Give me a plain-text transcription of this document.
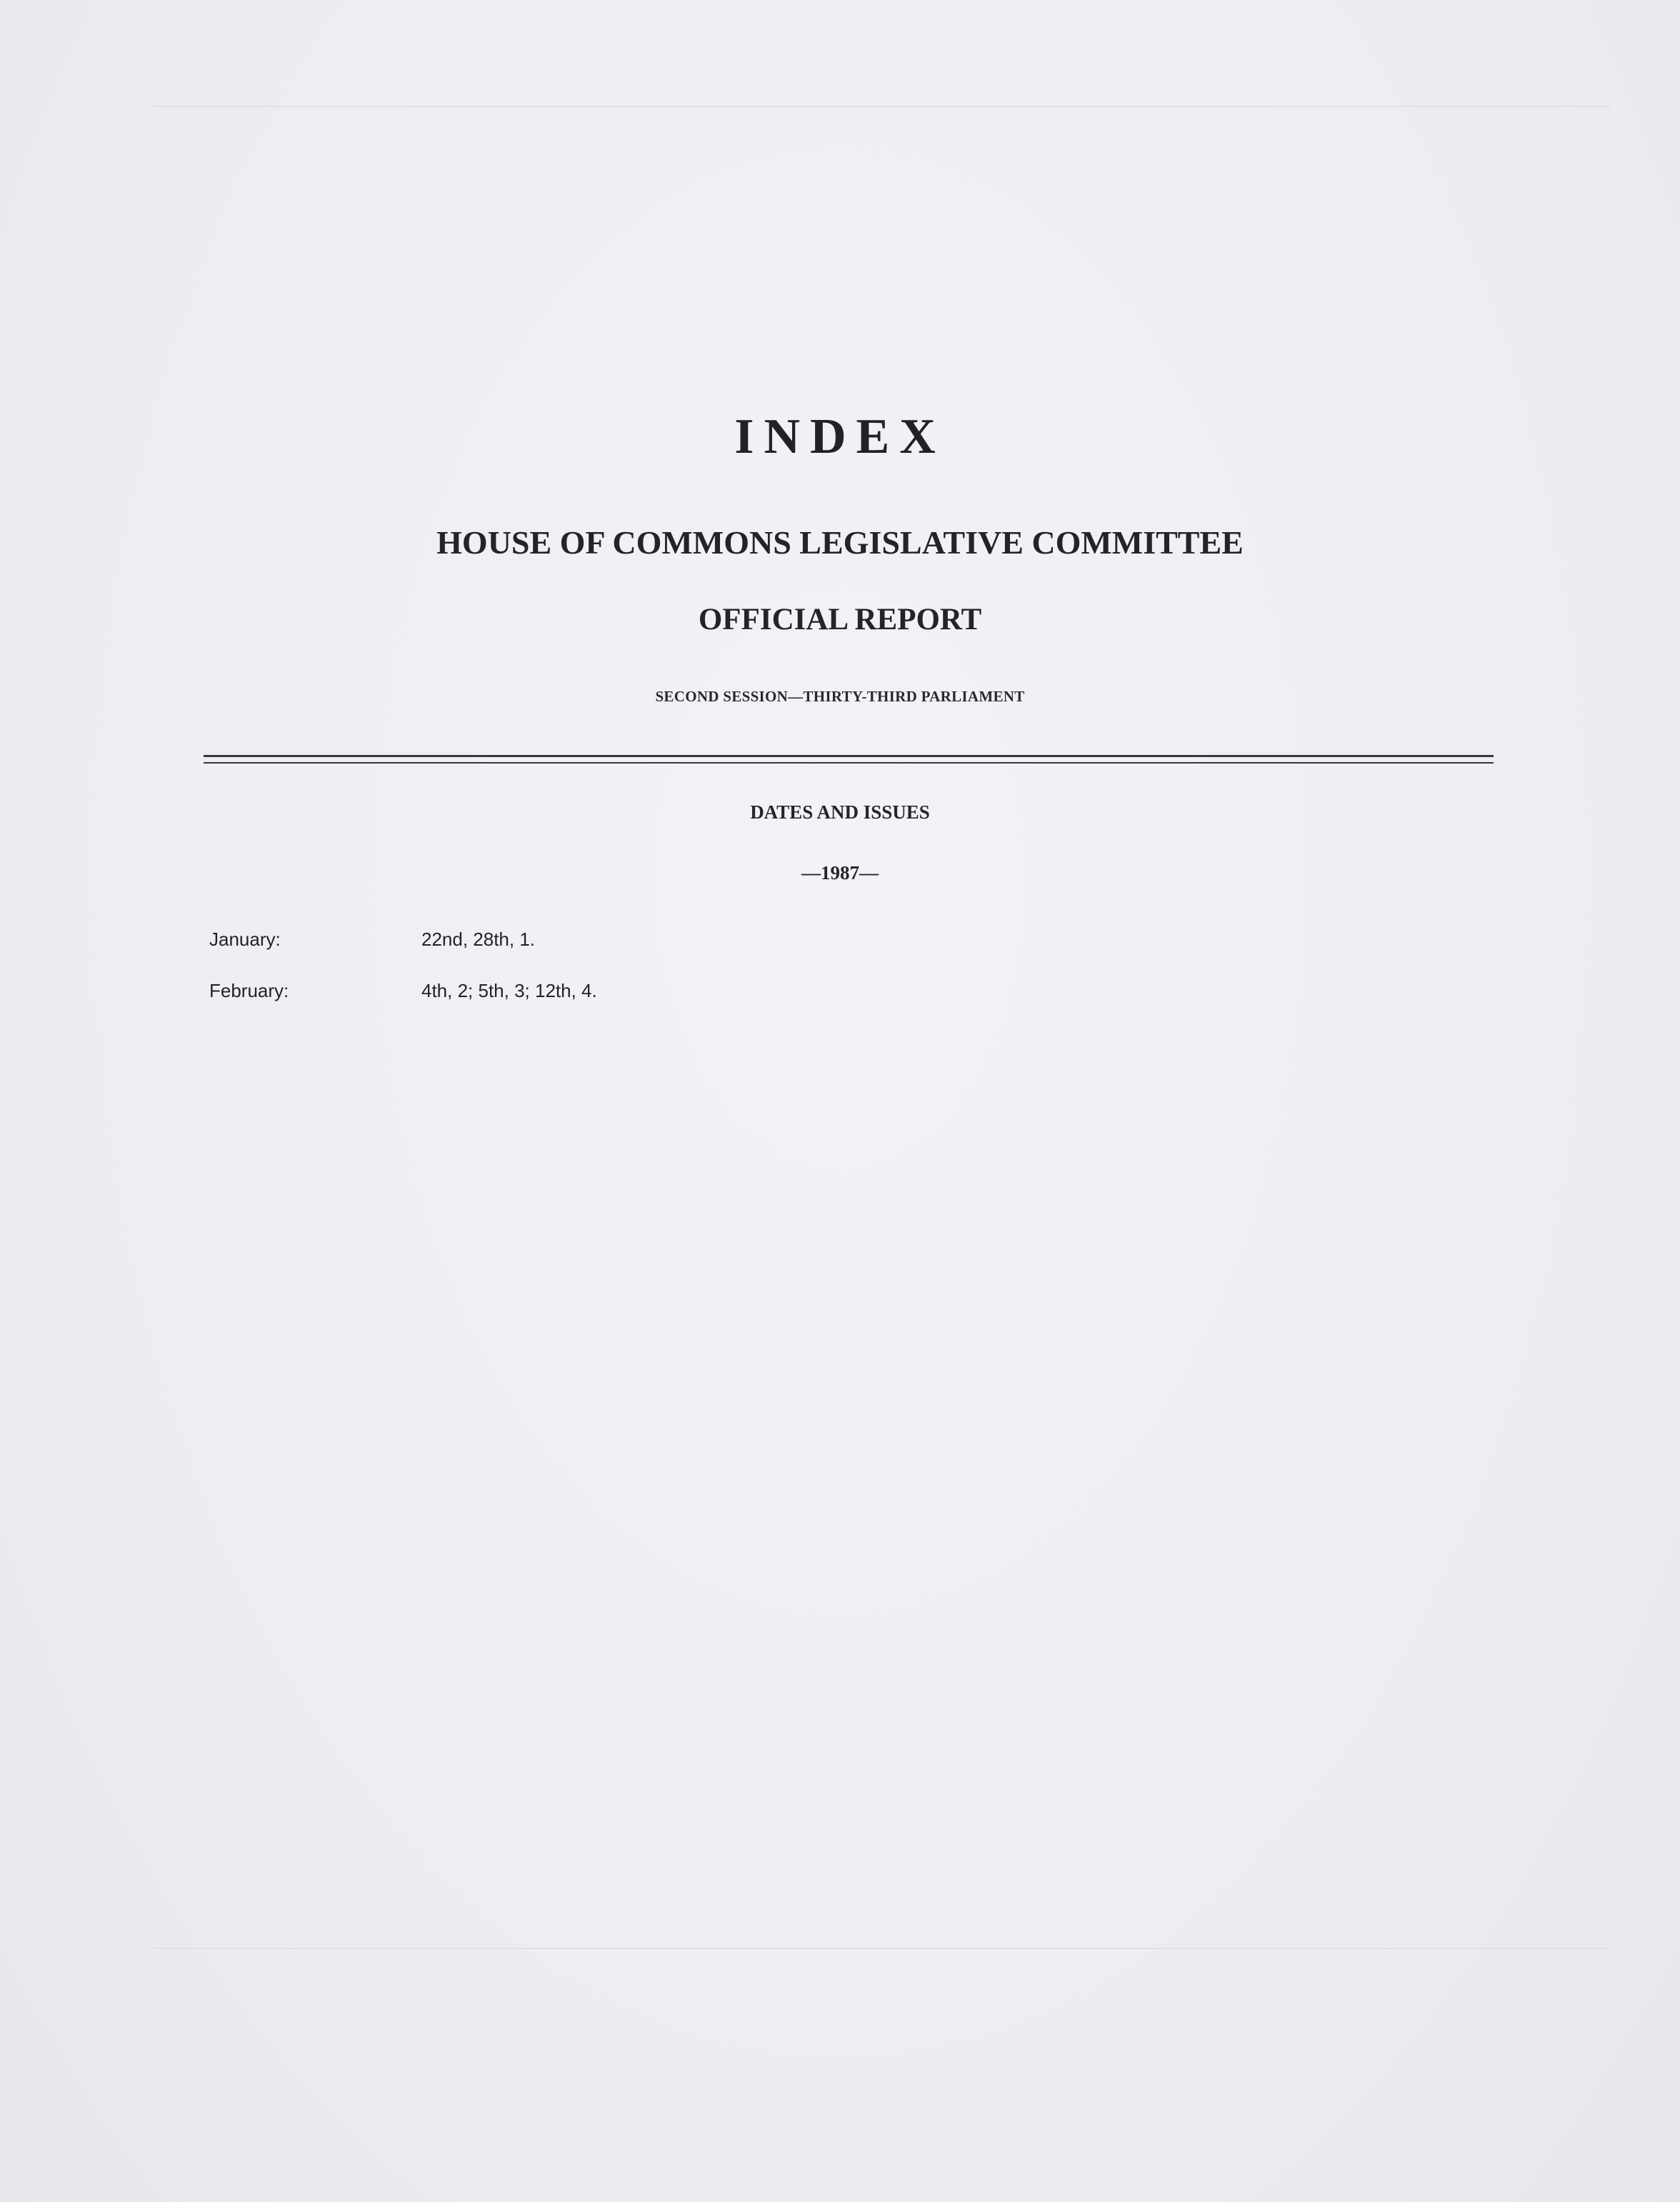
INDEX
HOUSE OF COMMONS LEGISLATIVE COMMITTEE
OFFICIAL REPORT
SECOND SESSION—THIRTY-THIRD PARLIAMENT
DATES AND ISSUES
—1987—
January:	22nd, 28th, 1.
February:	4th, 2; 5th, 3; 12th, 4.
